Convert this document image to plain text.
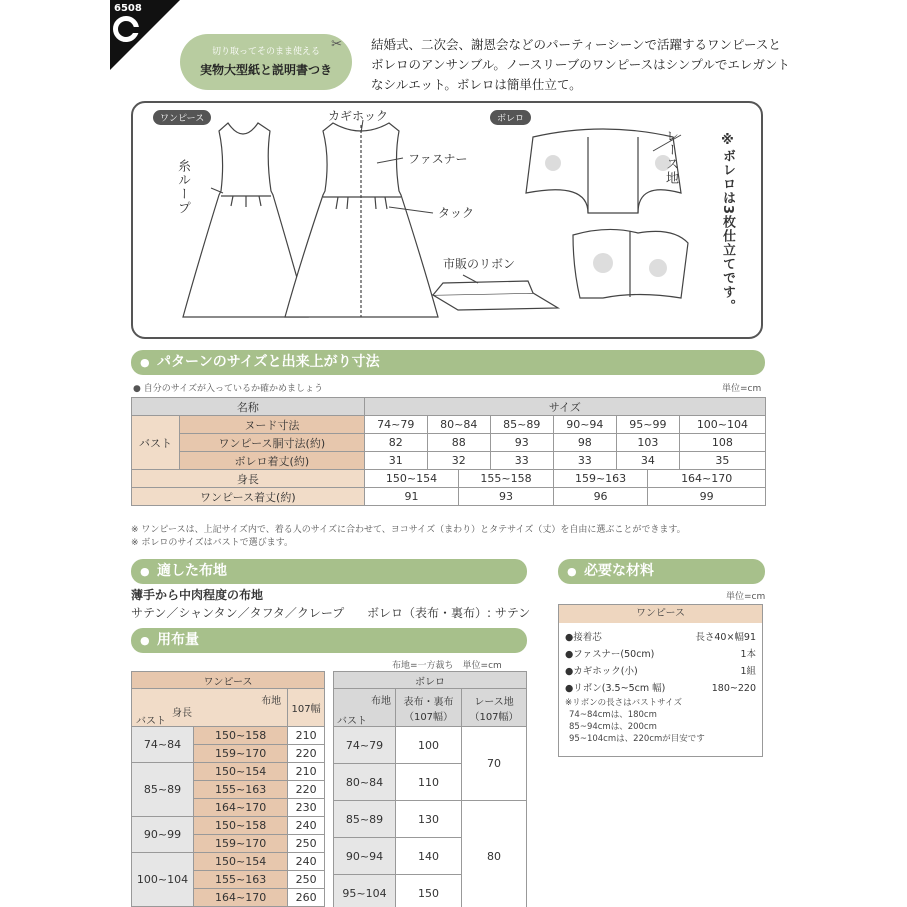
6508
✂
切り取ってそのまま使える
実物大型紙と説明書つき
結婚式、二次会、謝恩会などのパーティーシーンで活躍するワンピースとボレロのアンサンブル。ノースリーブのワンピースはシンプルでエレガントなシルエット。ボレロは簡単仕立て。
ワンピース	ボレロ
カギホック
糸ループ	ファスナー
タック
市販のリボン
レース地	※ボレロは3枚仕立てです。
● パターンのサイズと出来上がり寸法
● 自分のサイズが入っているか確かめましょう	単位=cm
名称		サイズ							
バスト	ヌード寸法	74~79	80~84		85~89	90~94	95~99		100~104
	ワンピース胴寸法(約)	82	88		93	98	103		108
	ボレロ着丈(約)	31	32		33	33	34		35
身長		150~154		155~158		159~163		164~170	
ワンピース着丈(約)		91		93		96		99	
※ ワンピースは、上記サイズ内で、着る人のサイズに合わせて、ヨコサイズ（まわり）とタテサイズ（丈）を自由に選ぶことができます。
※ ボレロのサイズはバストで選びます。
● 適した布地
薄手から中肉程度の布地
サテン／シャンタン／タフタ／クレープ ボレロ（表布・裏布）: サテン
● 用布量
布地=一方裁ち　単位=cm
ワンピース		

布地
身長
バスト		107幅
74~84	150~158	210
	159~170	220
85~89	150~154	210
	155~163	220
	164~170	230
90~99	150~158	240
	159~170	250
100~104	150~154	240
	155~163	250
	164~170	260
ボレロ		

布地
バスト	表布・裏布（107幅）	レース地（107幅）
74~79	100	70
80~84	110	
85~89	130	80
90~94	140	
95~104	150	
● 必要な材料
単位=cm
ワンピース
●接着芯	長さ40×幅91
●ファスナー(50cm)	1本
●カギホック(小)	1組
●リボン(3.5~5cm 幅)	180~220
※リボンの長さはバストサイズ
74~84cmは、180cm
85~94cmは、200cm
95~104cmは、220cmが目安です
